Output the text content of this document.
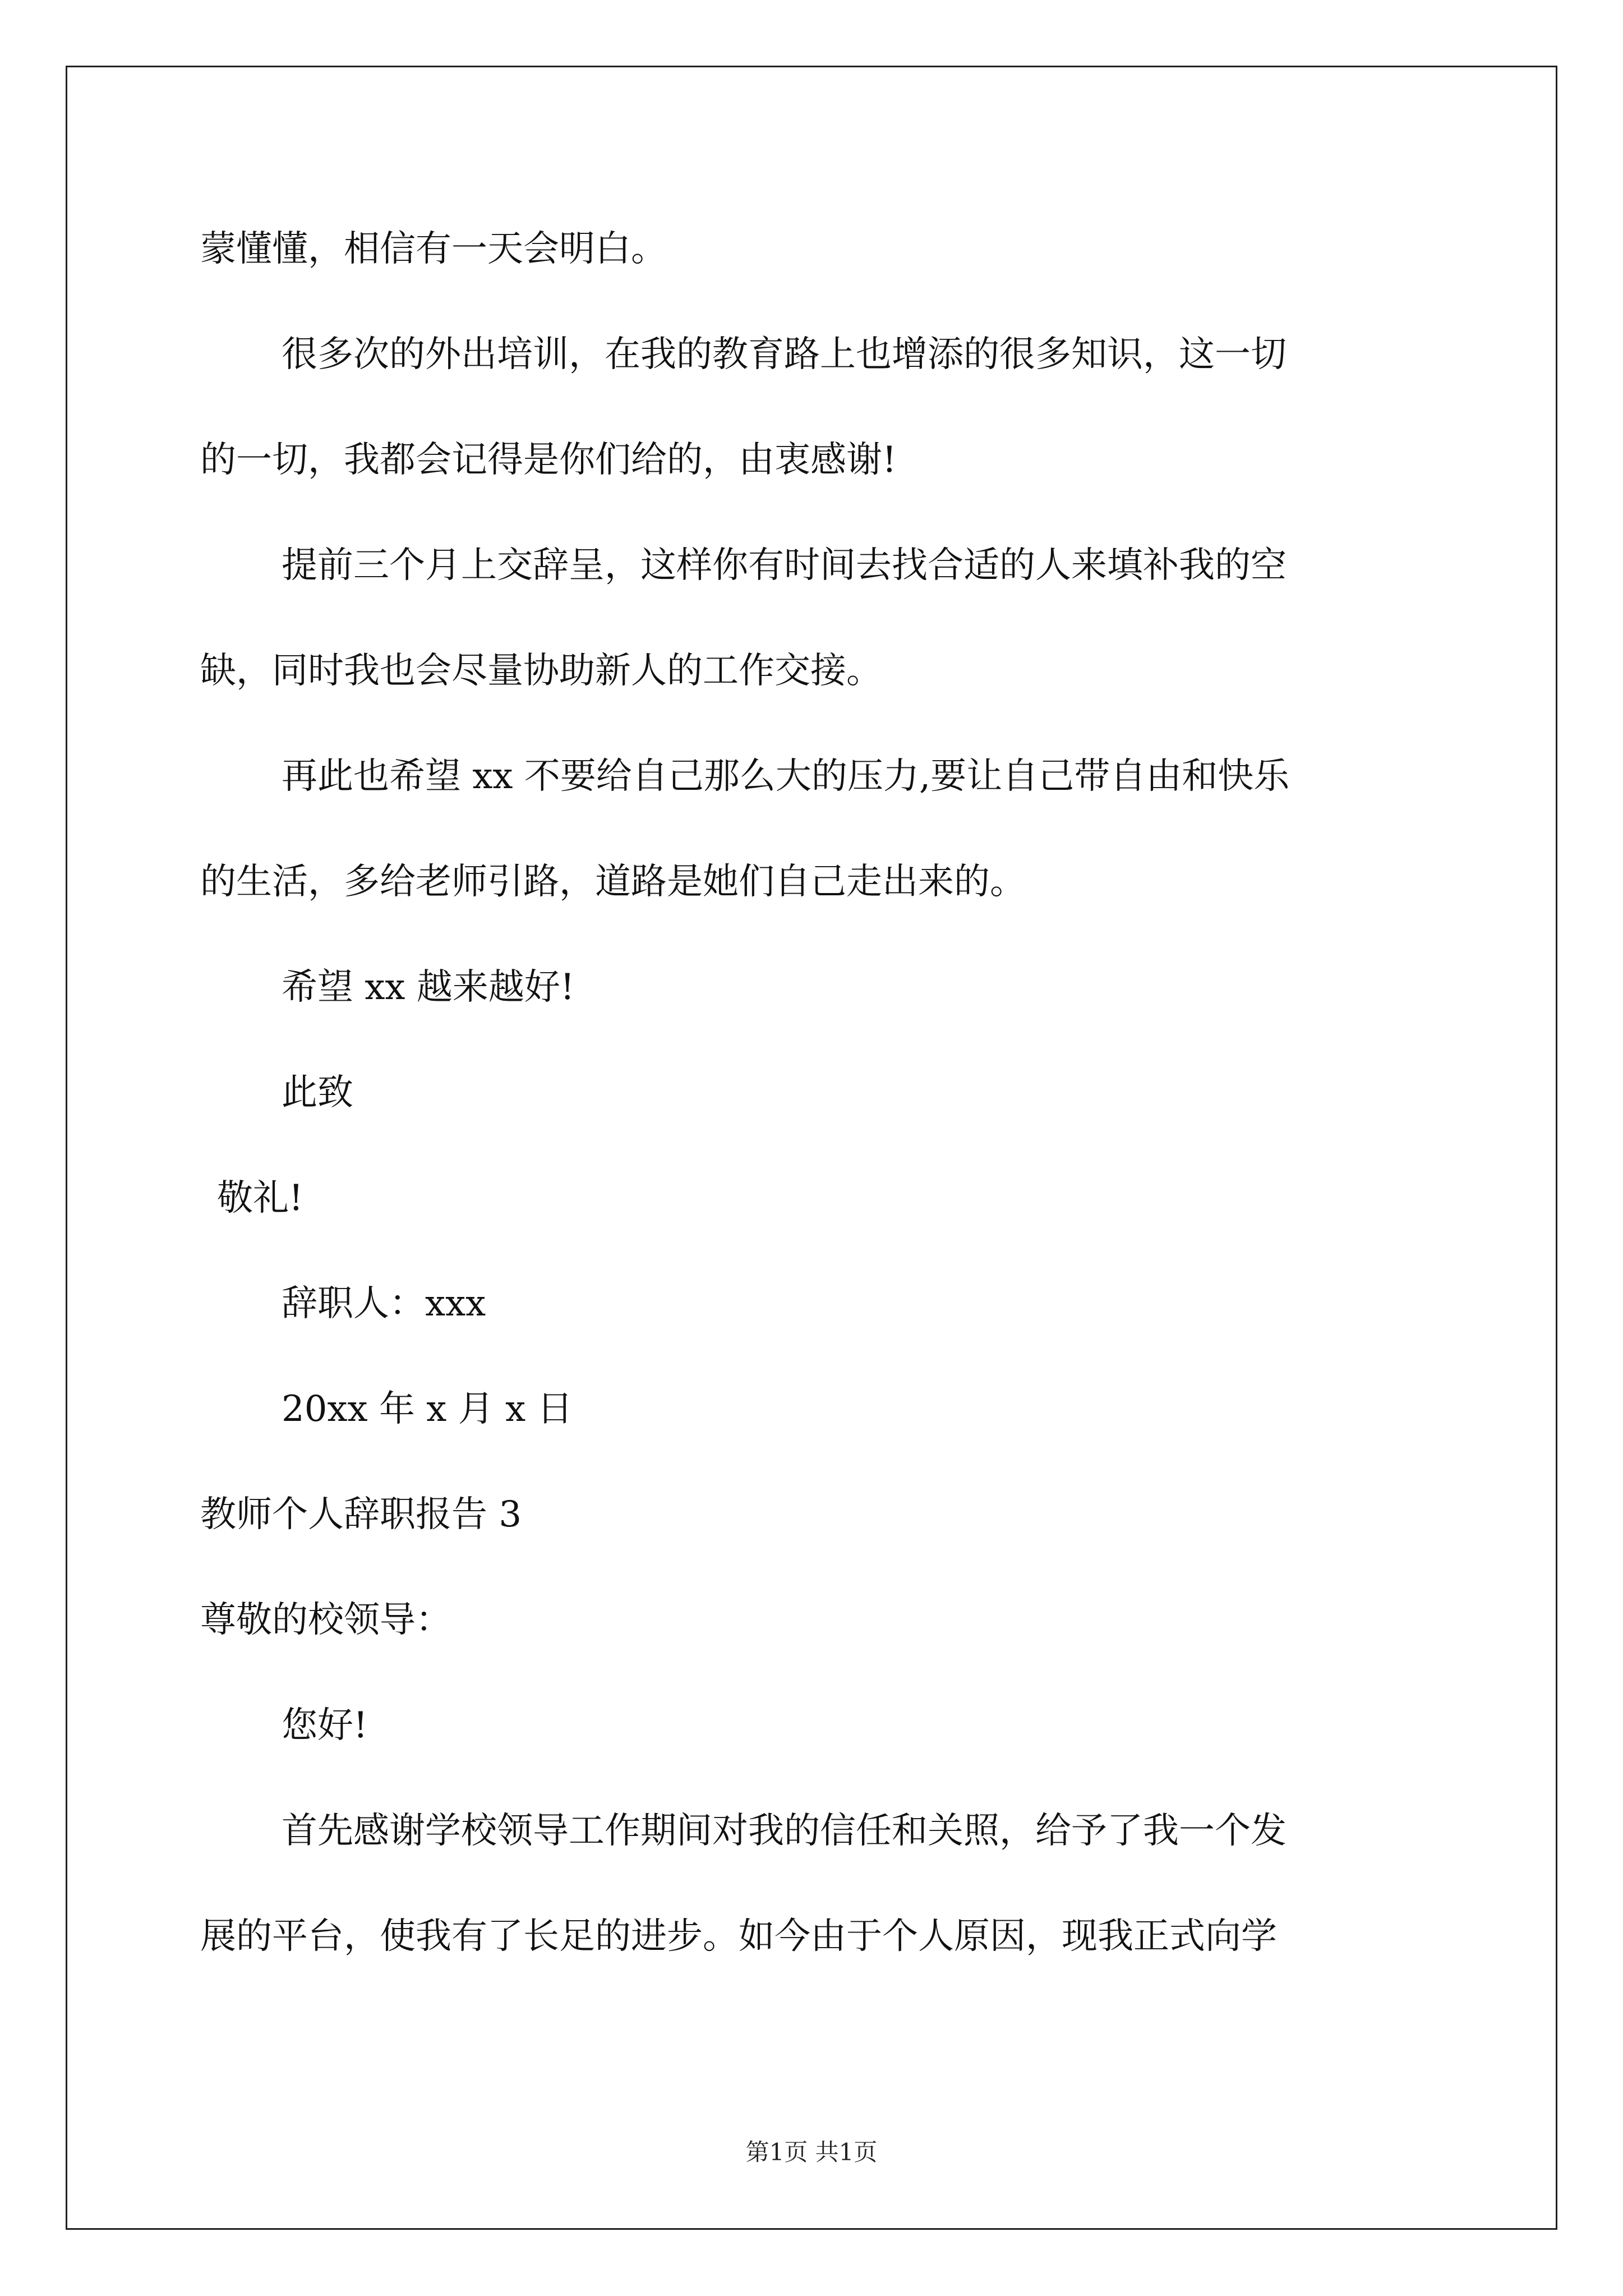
蒙懂懂，相信有一天会明白。
很多次的外出培训，在我的教育路上也增添的很多知识，这一切
的一切，我都会记得是你们给的，由衷感谢!
提前三个月上交辞呈，这样你有时间去找合适的人来填补我的空
缺，同时我也会尽量协助新人的工作交接。
再此也希望 xx 不要给自己那么大的压力,要让自己带自由和快乐
的生活，多给老师引路，道路是她们自己走出来的。
希望 xx 越来越好!
此致
敬礼!
辞职人：xxx
20xx 年 x 月 x 日
教师个人辞职报告 3
尊敬的校领导：
您好!
首先感谢学校领导工作期间对我的信任和关照，给予了我一个发
展的平台，使我有了长足的进步。如今由于个人原因，现我正式向学
第1页 共1页
